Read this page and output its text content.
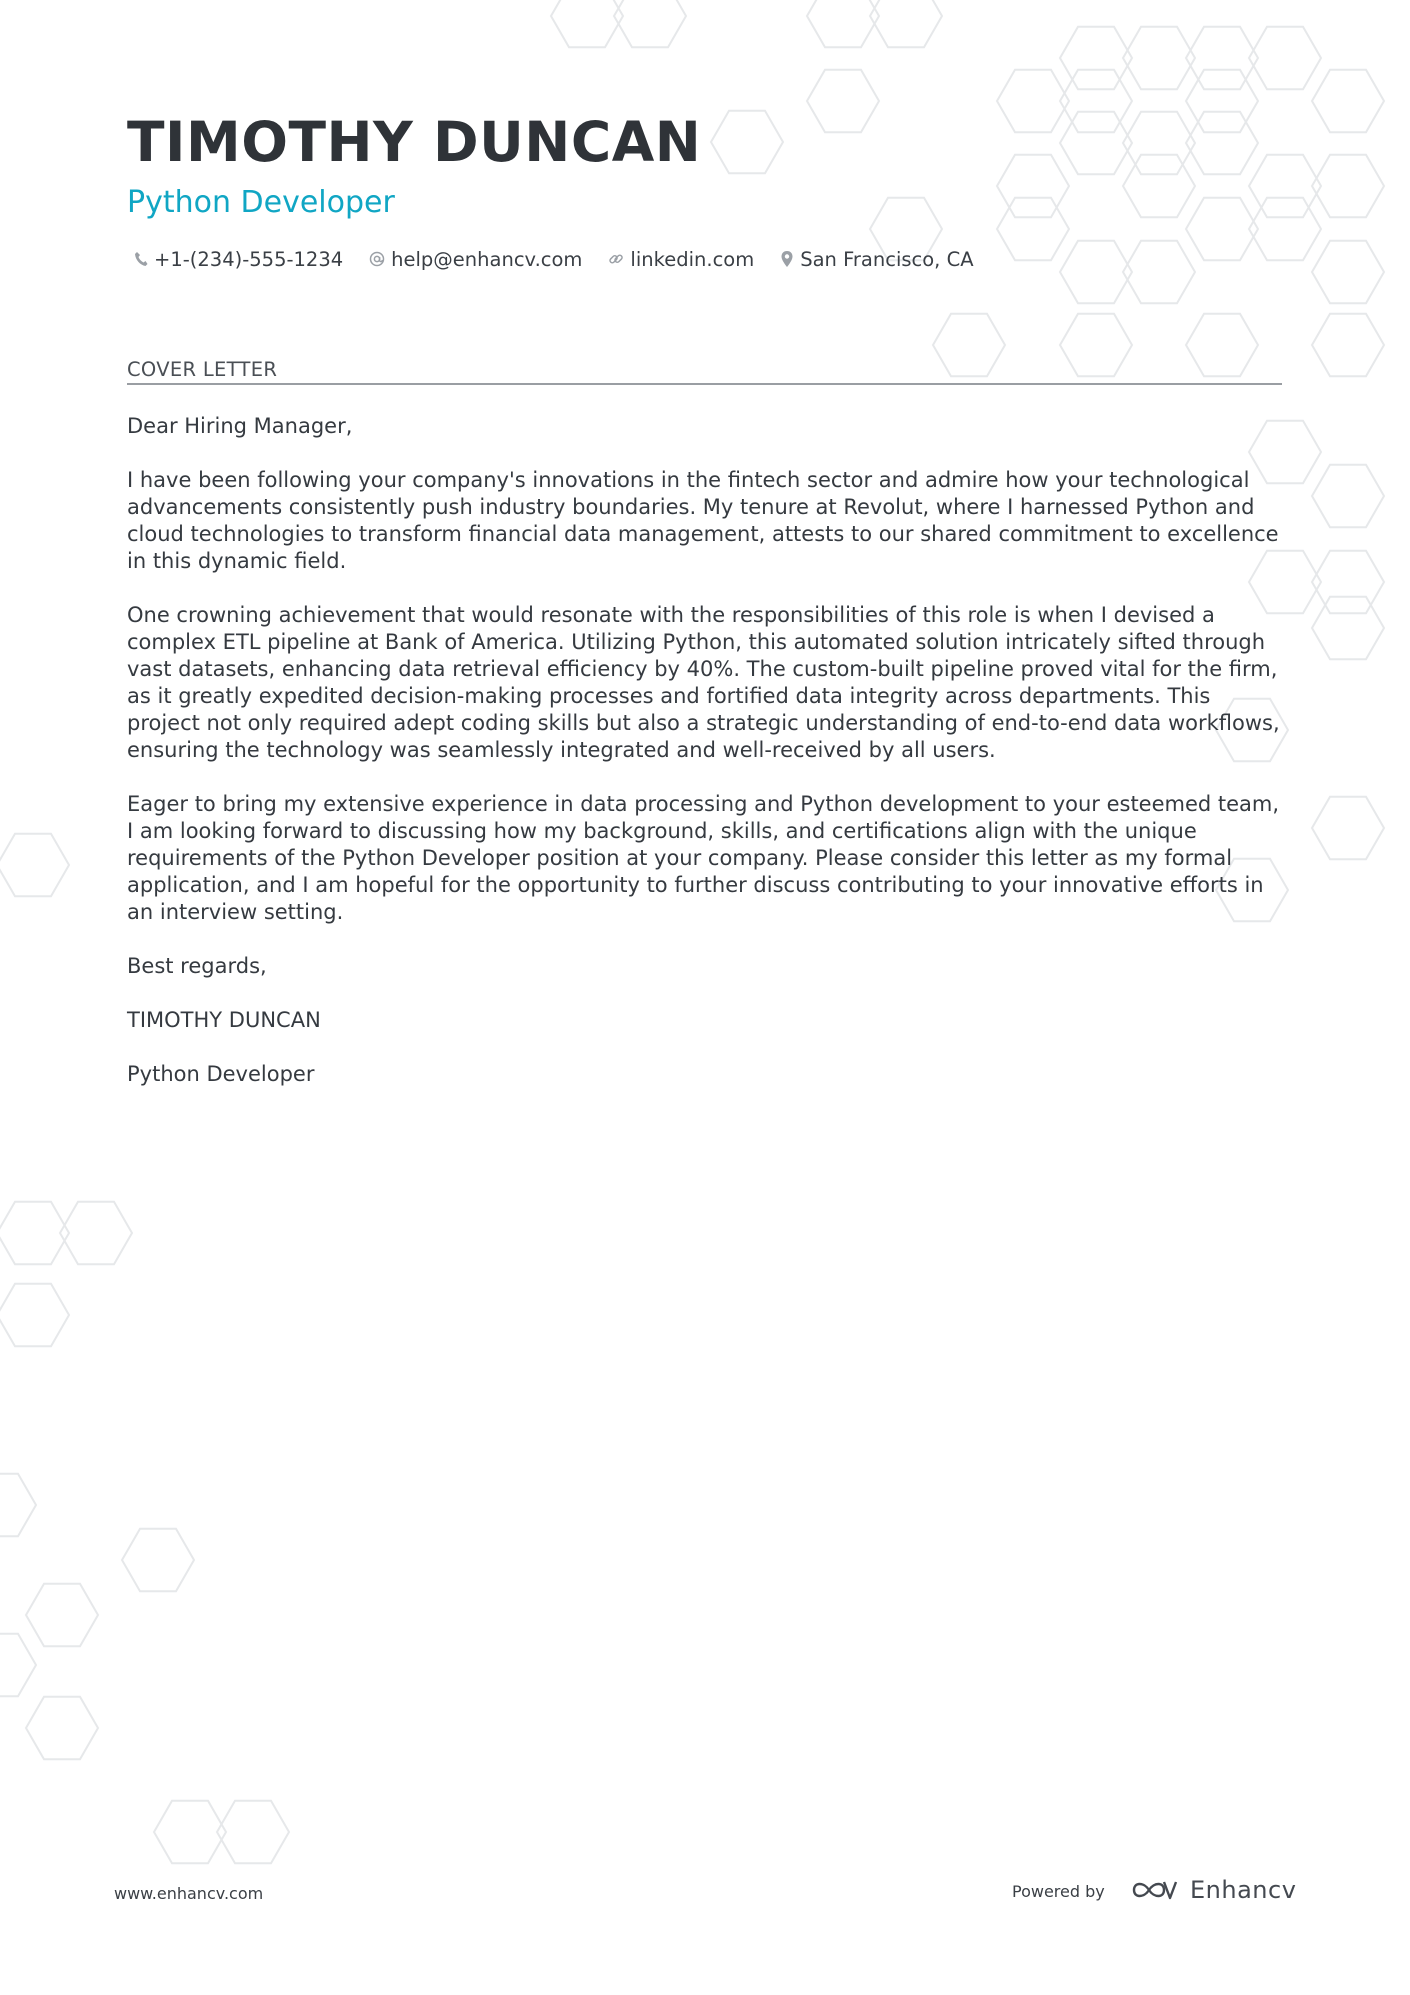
TIMOTHY DUNCAN
Python Developer
+1-(234)-555-1234 help@enhancv.com linkedin.com San Francisco, CA
COVER LETTER

Dear Hiring Manager,

I have been following your company's innovations in the fintech sector and admire how your technological advancements consistently push industry boundaries. My tenure at Revolut, where I harnessed Python and cloud technologies to transform financial data management, attests to our shared commitment to excellence in this dynamic field.

One crowning achievement that would resonate with the responsibilities of this role is when I devised a complex ETL pipeline at Bank of America. Utilizing Python, this automated solution intricately sifted through vast datasets, enhancing data retrieval efficiency by 40%. The custom-built pipeline proved vital for the firm, as it greatly expedited decision-making processes and fortified data integrity across departments. This project not only required adept coding skills but also a strategic understanding of end-to-end data workflows, ensuring the technology was seamlessly integrated and well-received by all users.

Eager to bring my extensive experience in data processing and Python development to your esteemed team, I am looking forward to discussing how my background, skills, and certifications align with the unique requirements of the Python Developer position at your company. Please consider this letter as my formal application, and I am hopeful for the opportunity to further discuss contributing to your innovative efforts in an interview setting.

Best regards,

TIMOTHY DUNCAN

Python Developer

www.enhancv.com	Powered by	Enhancv
